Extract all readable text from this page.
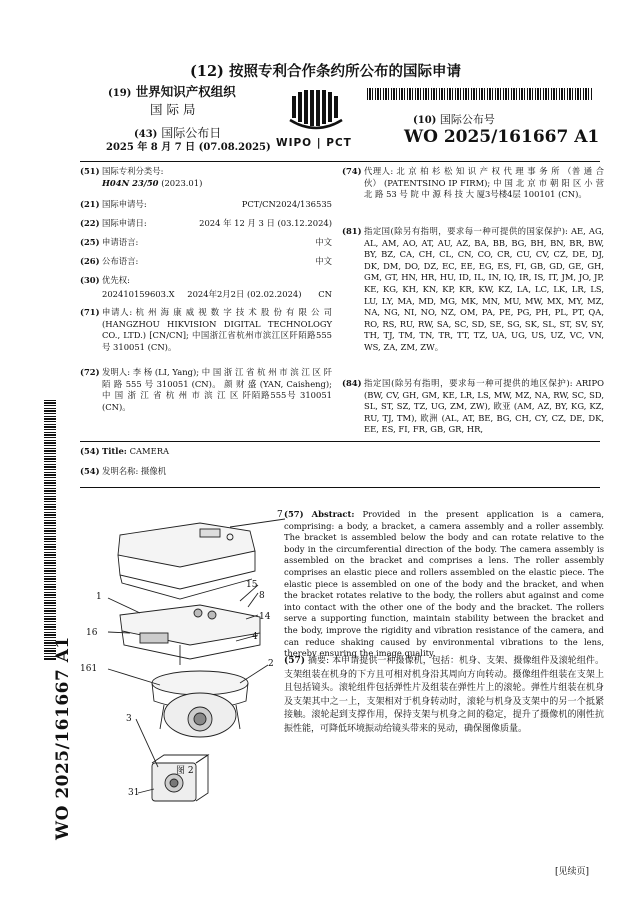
(12) 按照专利合作条约所公布的国际申请
(19) 世界知识产权组织
国 际 局
(43) 国际公布日
2025 年 8 月 7 日 (07.08.2025) WIPO | PCT
(10) 国际公布号
WO 2025/161667 A1
(51) 国际专利分类号:
H04N 23/50 (2023.01)
(21) 国际申请号:	PCT/CN2024/136535
(22) 国际申请日:	2024 年 12 月 3 日 (03.12.2024)
(25) 申请语言:	中文
(26) 公布语言:	中文
(30) 优先权:
202410159603.X 2024年2月2日 (02.02.2024) CN
(71) 申请人: 杭 州 海 康 威 视 数 字 技 术 股 份 有 限 公 司 (HANGZHOU HIKVISION DIGITAL TECHNOLOGY CO., LTD.) [CN/CN]; 中国浙江省杭州市滨江区阡陌路555号 310051 (CN)。
(72) 发明人: 李 杨 (LI, Yang); 中 国 浙 江 省 杭 州 市 滨 江 区 阡 陌 路 555 号 310051 (CN)。 颜 财 盛 (YAN, Caisheng); 中 国 浙 江 省 杭 州 市 滨 江 区 阡陌路555号 310051 (CN)。
(74) 代理人: 北 京 柏 杉 松 知 识 产 权 代 理 事 务 所 （普 通 合 伙） (PATENTSINO IP FIRM); 中 国 北 京 市 朝 阳 区 小 营 北 路 53 号 院 中 源 科 技 大 厦3号楼4层 100101 (CN)。
(81) 指定国(除另有指明，要求每一种可提供的国家保护): AE, AG, AL, AM, AO, AT, AU, AZ, BA, BB, BG, BH, BN, BR, BW, BY, BZ, CA, CH, CL, CN, CO, CR, CU, CV, CZ, DE, DJ, DK, DM, DO, DZ, EC, EE, EG, ES, FI, GB, GD, GE, GH, GM, GT, HN, HR, HU, ID, IL, IN, IQ, IR, IS, IT, JM, JO, JP, KE, KG, KH, KN, KP, KR, KW, KZ, LA, LC, LK, LR, LS, LU, LY, MA, MD, MG, MK, MN, MU, MW, MX, MY, MZ, NA, NG, NI, NO, NZ, OM, PA, PE, PG, PH, PL, PT, QA, RO, RS, RU, RW, SA, SC, SD, SE, SG, SK, SL, ST, SV, SY, TH, TJ, TM, TN, TR, TT, TZ, UA, UG, US, UZ, VC, VN, WS, ZA, ZM, ZW。
(84) 指定国(除另有指明，要求每一种可提供的地区保护): ARIPO (BW, CV, GH, GM, KE, LR, LS, MW, MZ, NA, RW, SC, SD, SL, ST, SZ, TZ, UG, ZM, ZW), 欧亚 (AM, AZ, BY, KG, KZ, RU, TJ, TM), 欧洲 (AL, AT, BE, BG, CH, CY, CZ, DE, DK, EE, ES, FI, FR, GB, GR, HR,
(54) Title: CAMERA
(54) 发明名称: 摄像机
7
15
8
1
14
16	4
2
161
3
31
图 2
(57) Abstract: Provided in the present application is a camera, comprising: a body, a bracket, a camera assembly and a roller assembly. The bracket is assembled below the body and can rotate relative to the body in the circumferential direction of the body. The camera assembly is assembled on the bracket and comprises a lens. The roller assembly comprises an elastic piece and rollers assembled on the elastic piece. The elastic piece is assembled on one of the body and the bracket, and when the bracket rotates relative to the body, the rollers abut against and come into contact with the other one of the body and the bracket. The rollers serve a supporting function, maintain stability between the bracket and the body, improve the rigidity and vibration resistance of the camera, and can reduce shaking caused by environmental vibrations to the lens, thereby ensuring the image quality.
(57) 摘要: 本申请提供一种摄像机，包括：机身、支架、摄像组件及滚轮组件。支架组装在机身的下方且可相对机身沿其周向方向转动。摄像组件组装在支架上且包括镜头。滚轮组件包括弹性片及组装在弹性片上的滚轮。弹性片组装在机身及支架其中之一上，支架相对于机身转动时，滚轮与机身及支架中的另一个抵紧接触。滚轮起到支撑作用，保持支架与机身之间的稳定，提升了摄像机的刚性抗振性能，可降低环境振动给镜头带来的晃动，确保图像质量。
WO 2025/161667 A1
[见续页]
